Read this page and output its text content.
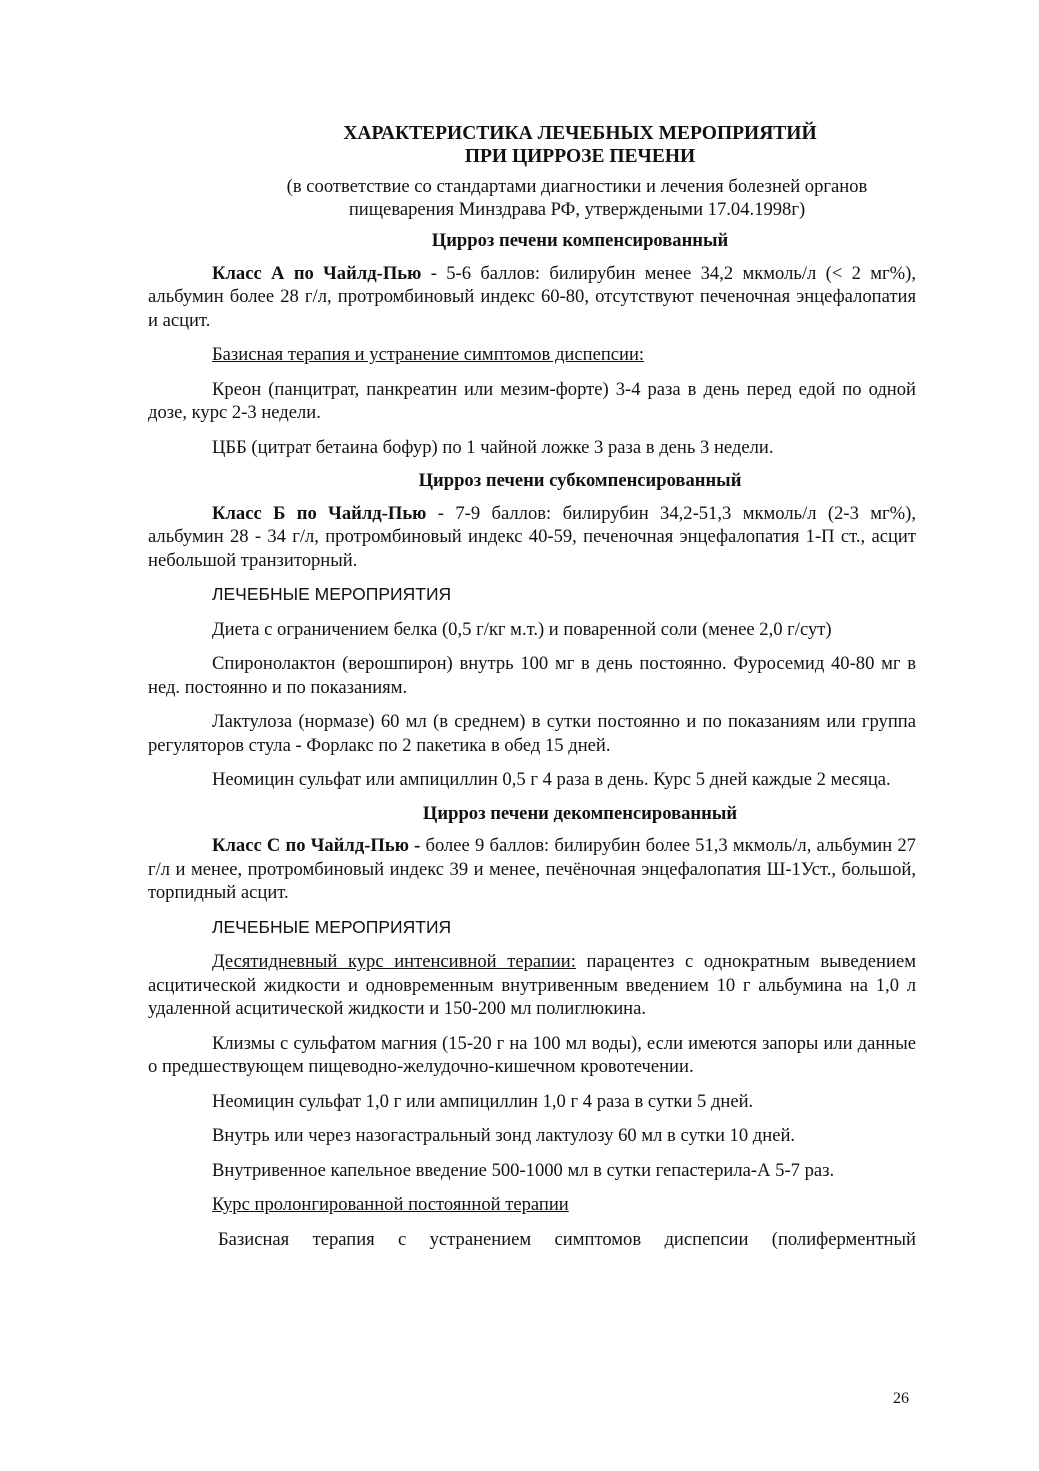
ХАРАКТЕРИСТИКА ЛЕЧЕБНЫХ МЕРОПРИЯТИЙ
ПРИ ЦИРРОЗЕ ПЕЧЕНИ

(в соответствие со стандартами диагностики и лечения болезней органов
пищеварения Минздрава РФ, утверждеными 17.04.1998г)

Цирроз печени компенсированный

Класс А по Чайлд-Пью - 5-6 баллов: билирубин менее 34,2 мкмоль/л (< 2 мг%), альбумин более 28 г/л, протромбиновый индекс 60-80, отсутствуют печеночная энцефалопатия и асцит.

Базисная терапия и устранение симптомов диспепсии:

Креон (панцитрат, панкреатин или мезим-форте) 3-4 раза в день перед едой по одной дозе, курс 2-3 недели.

ЦББ (цитрат бетаина бофур) по 1 чайной ложке 3 раза в день 3 недели.

Цирроз печени субкомпенсированный

Класс Б по Чайлд-Пью - 7-9 баллов: билирубин 34,2-51,3 мкмоль/л (2-3 мг%), альбумин 28 - 34 г/л, протромбиновый индекс 40-59, печеночная энцефалопатия 1-П ст., асцит небольшой транзиторный.

ЛЕЧЕБНЫЕ МЕРОПРИЯТИЯ

Диета с ограничением белка (0,5 г/кг м.т.) и поваренной соли (менее 2,0 г/сут)

Спиронолактон (верошпирон) внутрь 100 мг в день постоянно. Фуросемид 40-80 мг в нед. постоянно и по показаниям.

Лактулоза (нормазе) 60 мл (в среднем) в сутки постоянно и по показаниям или группа регуляторов стула - Форлакс по 2 пакетика в обед 15 дней.

Неомицин сульфат или ампициллин 0,5 г 4 раза в день. Курс 5 дней каждые 2 месяца.

Цирроз печени декомпенсированный

Класс С по Чайлд-Пью - более 9 баллов: билирубин более 51,3 мкмоль/л, альбумин 27 г/л и менее, протромбиновый индекс 39 и менее, печёночная энцефалопатия Ш-1Уст., большой, торпидный асцит.

ЛЕЧЕБНЫЕ МЕРОПРИЯТИЯ

Десятидневный курс интенсивной терапии: парацентез с однократным выведением асцитической жидкости и одновременным внутривенным введением 10 г альбумина на 1,0 л удаленной асцитической жидкости и 150-200 мл полиглюкина.

Клизмы с сульфатом магния (15-20 г на 100 мл воды), если имеются запоры или данные о предшествующем пищеводно-желудочно-кишечном кровотечении.

Неомицин сульфат 1,0 г или ампициллин 1,0 г 4 раза в сутки 5 дней.

Внутрь или через назогастральный зонд лактулозу 60 мл в сутки 10 дней.

Внутривенное капельное введение 500-1000 мл в сутки гепастерила-А 5-7 раз.

Курс пролонгированной постоянной терапии

Базисная терапия с устранением симптомов диспепсии (полиферментный

26
